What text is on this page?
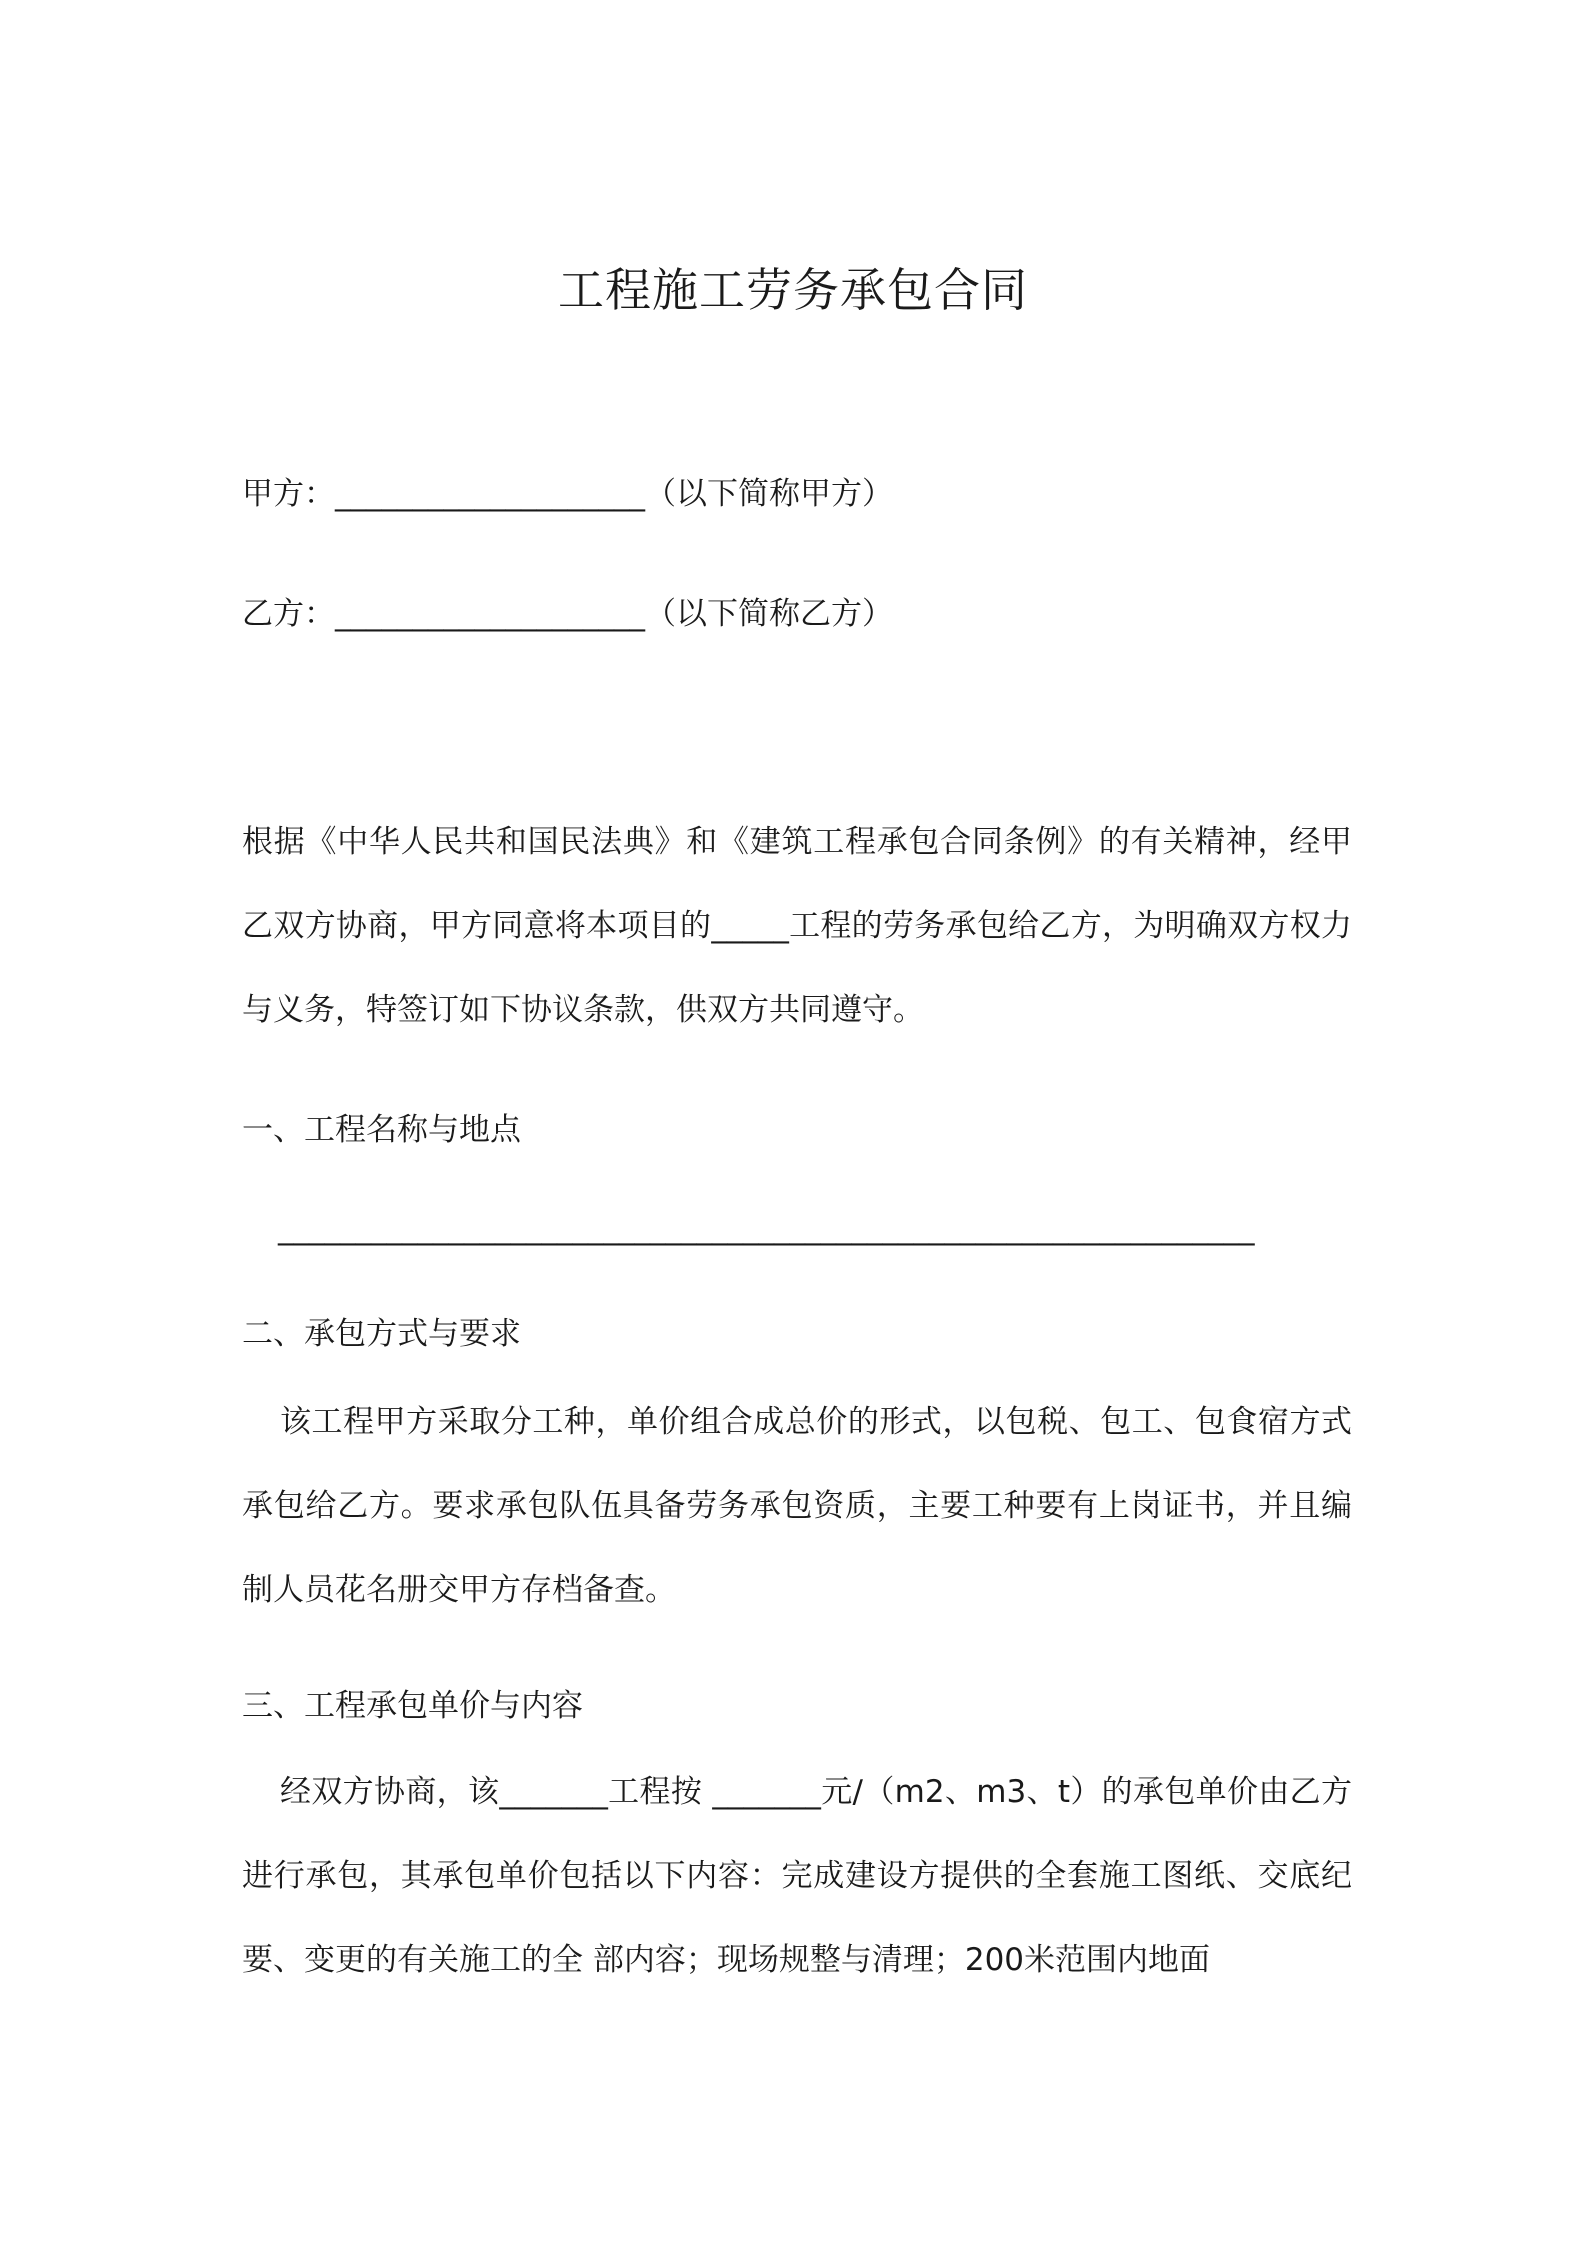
工程施工劳务承包合同

甲方：____________________（以下简称甲方）

乙方：____________________（以下简称乙方）

根据《中华人民共和国民法典》和《建筑工程承包合同条例》的有关精神，经甲乙双方协商，甲方同意将本项目的_____工程的劳务承包给乙方，为明确双方权力与义务，特签订如下协议条款，供双方共同遵守。

一、工程名称与地点

_______________________________________________________________

二、承包方式与要求

该工程甲方采取分工种，单价组合成总价的形式，以包税、包工、包食宿方式承包给乙方。要求承包队伍具备劳务承包资质，主要工种要有上岗证书，并且编制人员花名册交甲方存档备查。

三、工程承包单价与内容

经双方协商，该_______工程按 _______元/（m2、m3、t）的承包单价由乙方进行承包，其承包单价包括以下内容：完成建设方提供的全套施工图纸、交底纪要、变更的有关施工的全 部内容；现场规整与清理；200米范围内地面
